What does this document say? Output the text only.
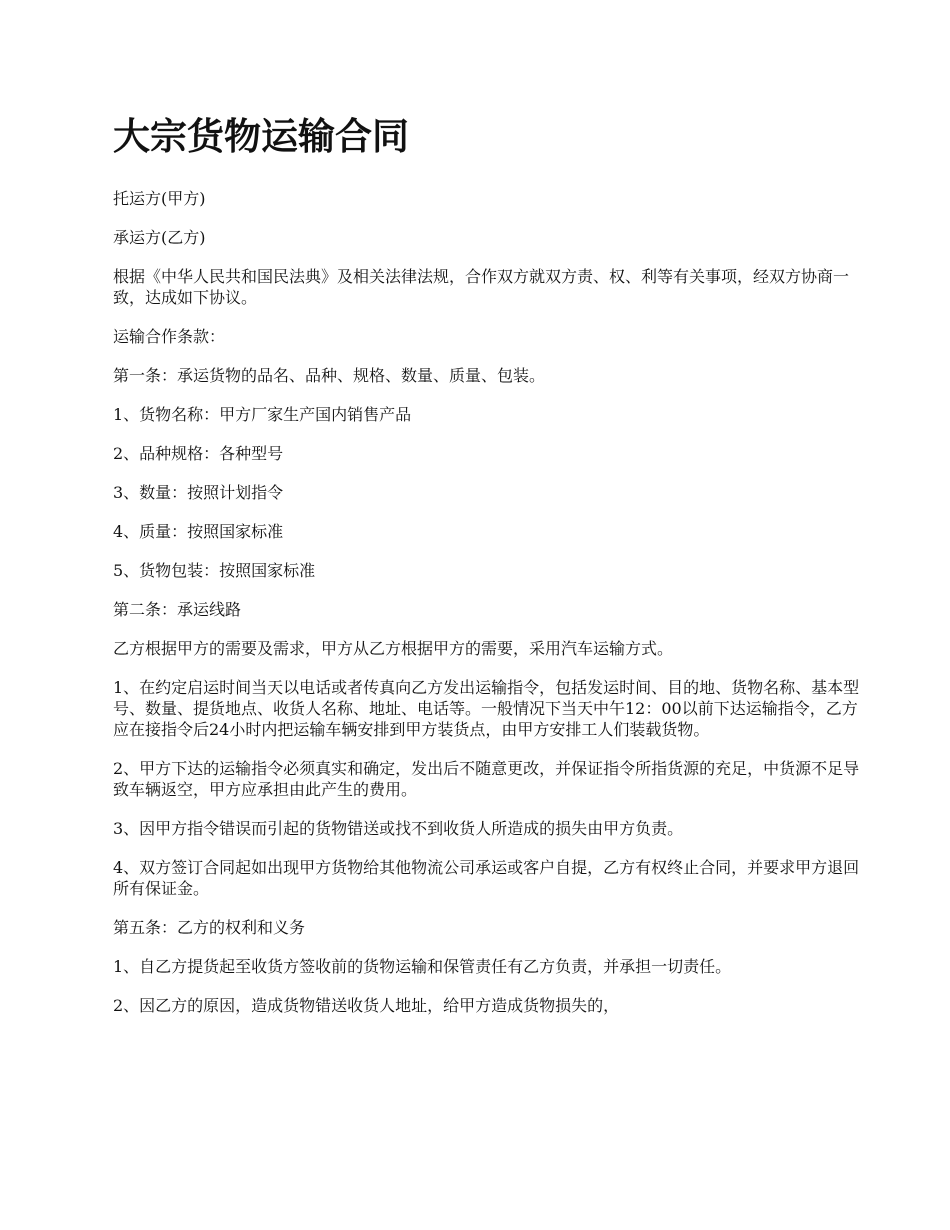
大宗货物运输合同

托运方(甲方)

承运方(乙方)

根据《中华人民共和国民法典》及相关法律法规，合作双方就双方责、权、利等有关事项，经双方协商一致，达成如下协议。

运输合作条款：

第一条：承运货物的品名、品种、规格、数量、质量、包装。

1、货物名称：甲方厂家生产国内销售产品

2、品种规格：各种型号

3、数量：按照计划指令

4、质量：按照国家标准

5、货物包装：按照国家标准

第二条：承运线路

乙方根据甲方的需要及需求，甲方从乙方根据甲方的需要，采用汽车运输方式。

1、在约定启运时间当天以电话或者传真向乙方发出运输指令，包括发运时间、目的地、货物名称、基本型号、数量、提货地点、收货人名称、地址、电话等。一般情况下当天中午12：00以前下达运输指令，乙方应在接指令后24小时内把运输车辆安排到甲方装货点，由甲方安排工人们装载货物。

2、甲方下达的运输指令必须真实和确定，发出后不随意更改，并保证指令所指货源的充足，中货源不足导致车辆返空，甲方应承担由此产生的费用。

3、因甲方指令错误而引起的货物错送或找不到收货人所造成的损失由甲方负责。

4、双方签订合同起如出现甲方货物给其他物流公司承运或客户自提，乙方有权终止合同，并要求甲方退回所有保证金。

第五条：乙方的权利和义务

1、自乙方提货起至收货方签收前的货物运输和保管责任有乙方负责，并承担一切责任。

2、因乙方的原因，造成货物错送收货人地址，给甲方造成货物损失的，
